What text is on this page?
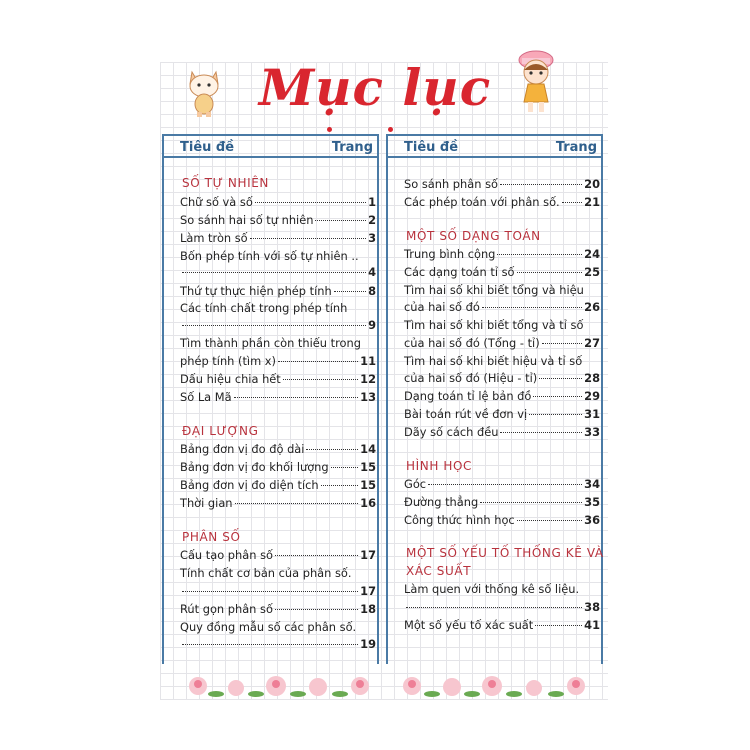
Mục lục
Tiêu đề	Trang
SỐ TỰ NHIÊN
Chữ số và số	1
So sánh hai số tự nhiên	2
Làm tròn số	3
Bốn phép tính với số tự nhiên ..
4
Thứ tự thực hiện phép tính	8
Các tính chất trong phép tính
9
Tìm thành phần còn thiếu trong
phép tính (tìm x)	11
Dấu hiệu chia hết	12
Số La Mã	13
ĐẠI LƯỢNG
Bảng đơn vị đo độ dài	14
Bảng đơn vị đo khối lượng	15
Bảng đơn vị đo diện tích	15
Thời gian	16
PHÂN SỐ
Cấu tạo phân số	17
Tính chất cơ bản của phân số.
17
Rút gọn phân số	18
Quy đồng mẫu số các phân số.
19
Tiêu đề	Trang
So sánh phân số	20
Các phép toán với phân số. 21
MỘT SỐ DẠNG TOÁN
Trung bình cộng	24
Các dạng toán tỉ số	25
Tìm hai số khi biết tổng và hiệu
của hai số đó	26
Tìm hai số khi biết tổng và tỉ số
của hai số đó (Tổng - tỉ)	27
Tìm hai số khi biết hiệu và tỉ số
của hai số đó (Hiệu - tỉ)	28
Dạng toán tỉ lệ bản đồ	29
Bài toán rút về đơn vị	31
Dãy số cách đều	33
HÌNH HỌC
Góc	34
Đường thẳng	35
Công thức hình học	36
MỘT SỐ YẾU TỐ THỐNG KÊ VÀ
XÁC SUẤT
Làm quen với thống kê số liệu.
38
Một số yếu tố xác suất	41
